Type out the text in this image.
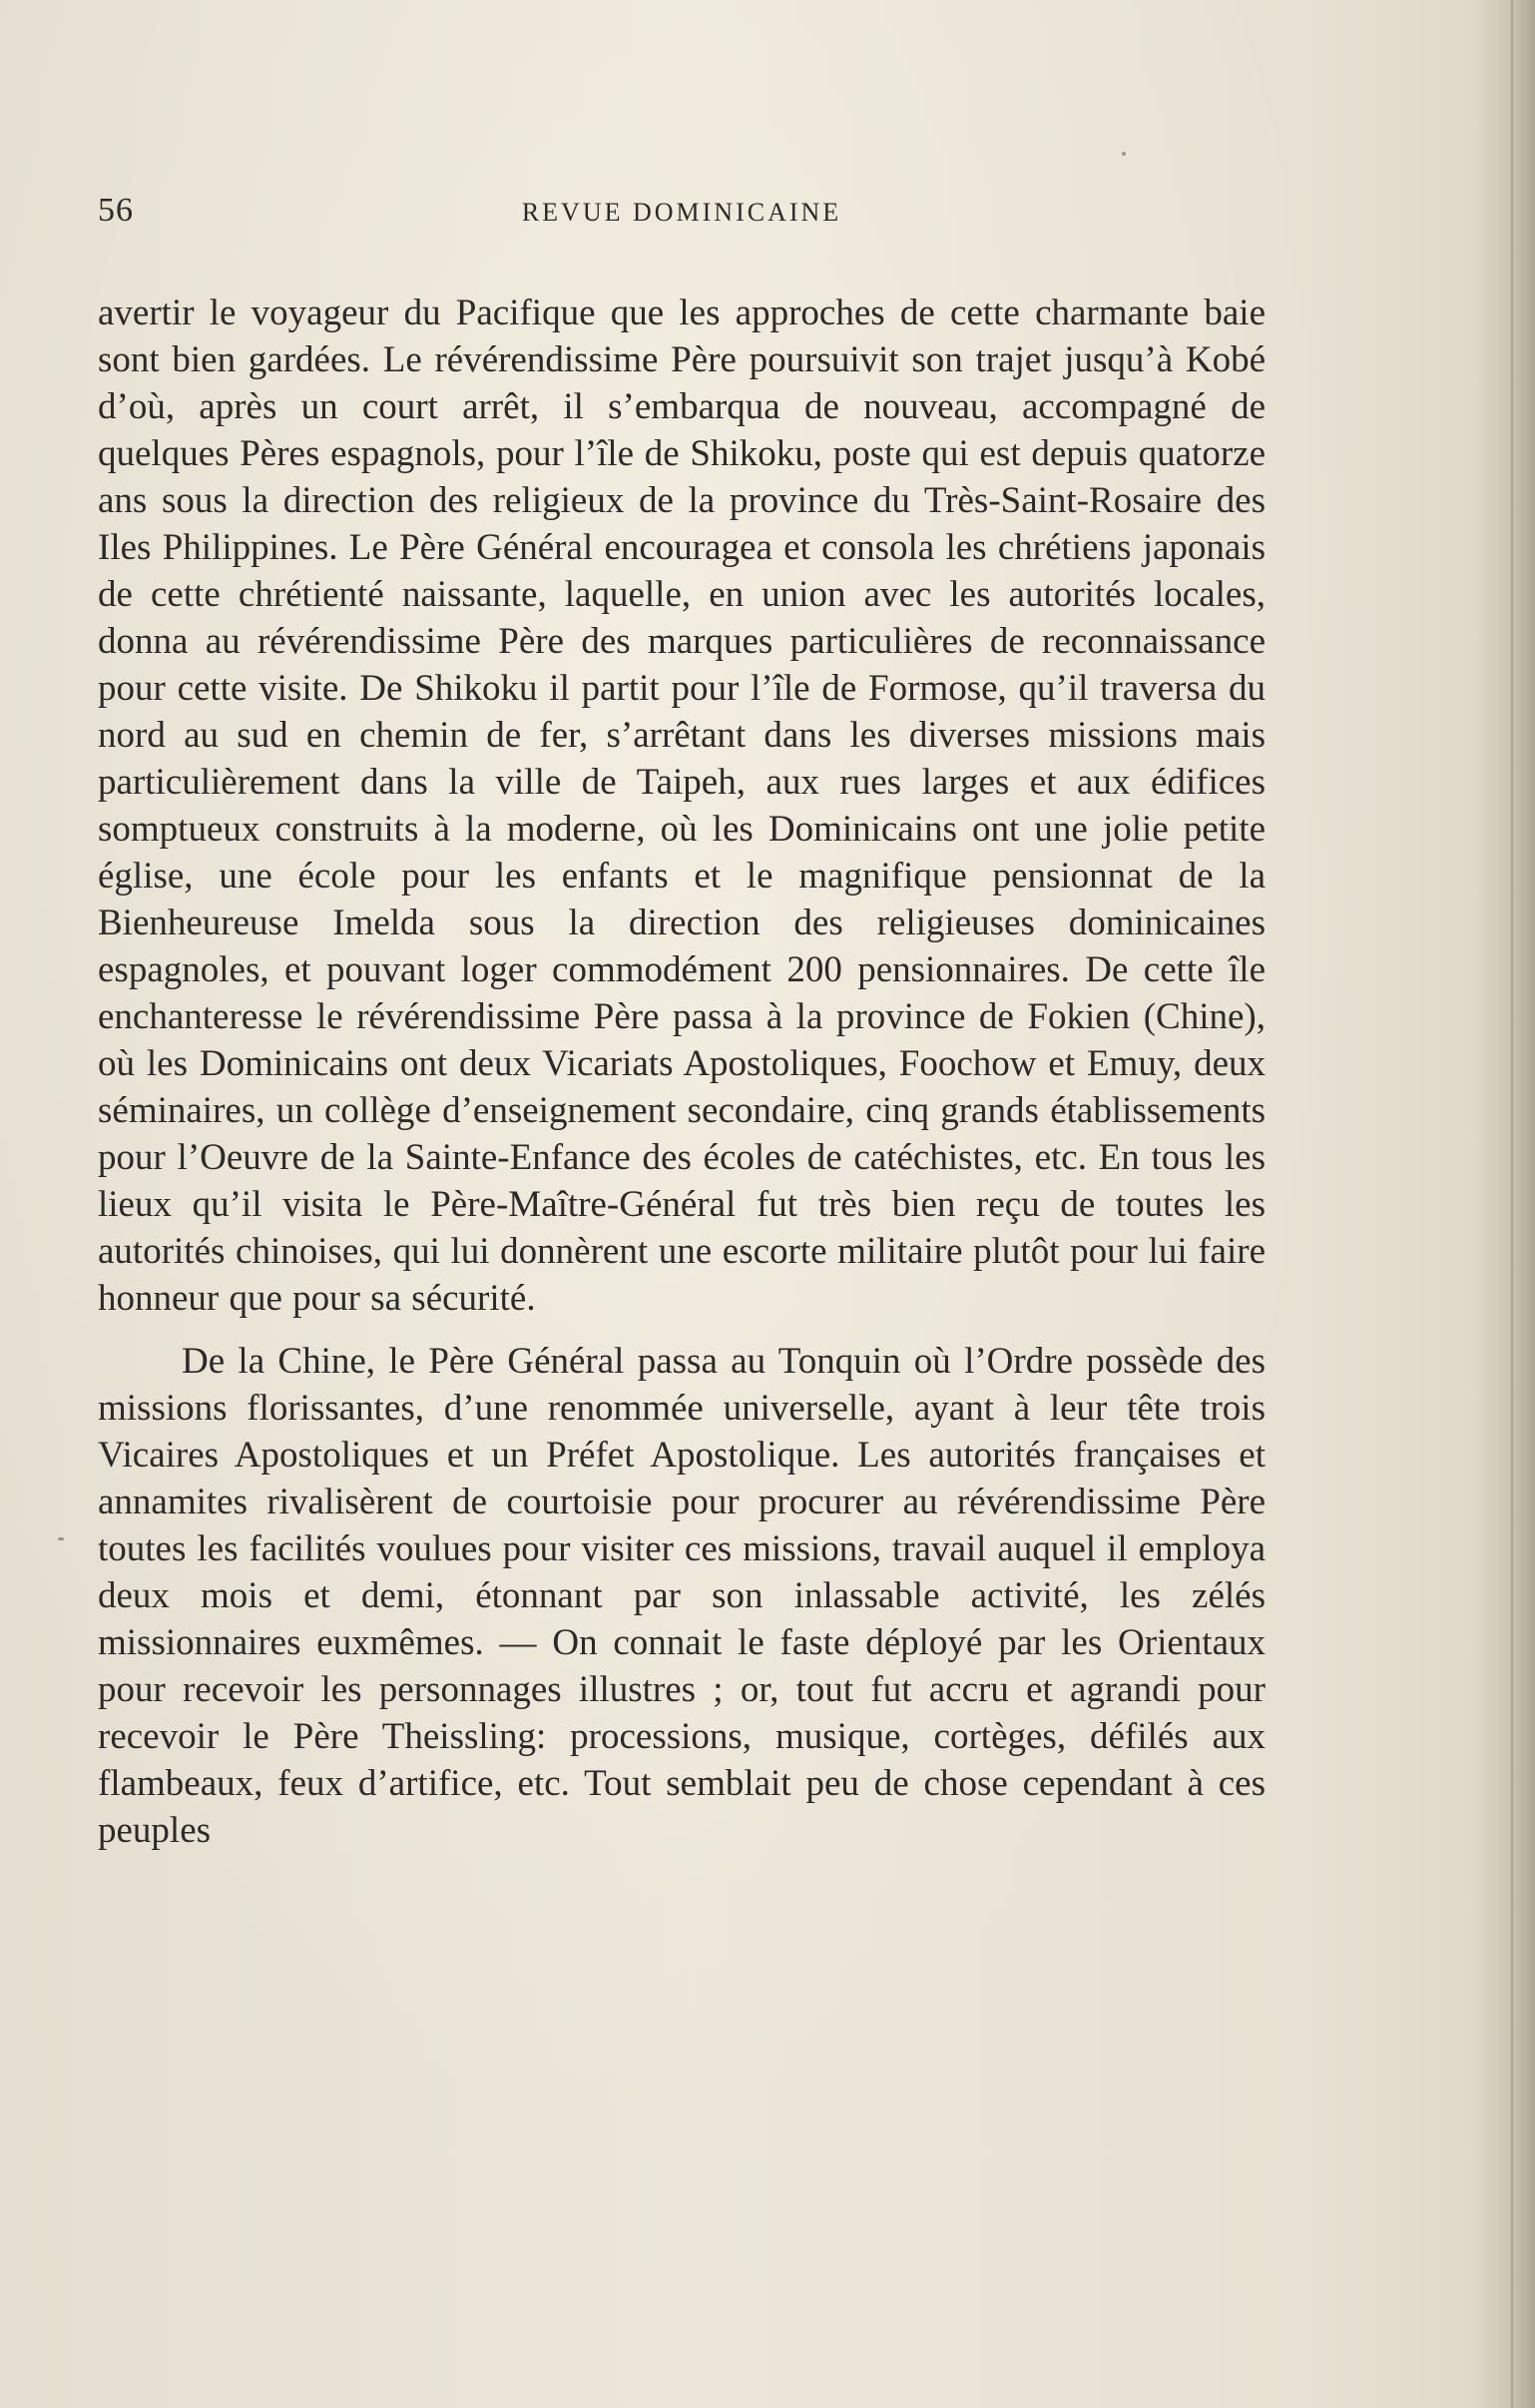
56	REVUE DOMINICAINE

avertir le voyageur du Pacifique que les approches de cette charmante baie sont bien gardées. Le révérendissime Père poursuivit son trajet jusqu’à Kobé d’où, après un court arrêt, il s’embarqua de nouveau, accompagné de quelques Pères espagnols, pour l’île de Shikoku, poste qui est depuis quatorze ans sous la direction des religieux de la province du Très-Saint-Rosaire des Iles Philippines. Le Père Général encouragea et consola les chrétiens japonais de cette chrétienté naissante, laquelle, en union avec les autorités locales, donna au révérendissime Père des marques particulières de reconnaissance pour cette visite. De Shikoku il partit pour l’île de Formose, qu’il traversa du nord au sud en chemin de fer, s’arrêtant dans les diverses missions mais particulièrement dans la ville de Taipeh, aux rues larges et aux édifices somptueux construits à la moderne, où les Dominicains ont une jolie petite église, une école pour les enfants et le magnifique pensionnat de la Bienheureuse Imelda sous la direction des religieuses dominicaines espagnoles, et pouvant loger commodément 200 pensionnaires. De cette île enchanteresse le révérendissime Père passa à la province de Fokien (Chine), où les Dominicains ont deux Vicariats Apostoliques, Foochow et Emuy, deux séminaires, un collège d’enseignement secondaire, cinq grands établissements pour l’Oeuvre de la Sainte-Enfance des écoles de catéchistes, etc. En tous les lieux qu’il visita le Père-Maître-Général fut très bien reçu de toutes les autorités chinoises, qui lui donnèrent une escorte militaire plutôt pour lui faire honneur que pour sa sécurité.

De la Chine, le Père Général passa au Tonquin où l’Ordre possède des missions florissantes, d’une renommée universelle, ayant à leur tête trois Vicaires Apostoliques et un Préfet Apostolique. Les autorités françaises et annamites rivalisèrent de courtoisie pour procurer au révérendissime Père toutes les facilités voulues pour visiter ces missions, travail auquel il employa deux mois et demi, étonnant par son inlassable activité, les zélés missionnaires euxmêmes. — On connait le faste déployé par les Orientaux pour recevoir les personnages illustres ; or, tout fut accru et agrandi pour recevoir le Père Theissling: processions, musique, cortèges, défilés aux flambeaux, feux d’artifice, etc. Tout semblait peu de chose cependant à ces peuples
